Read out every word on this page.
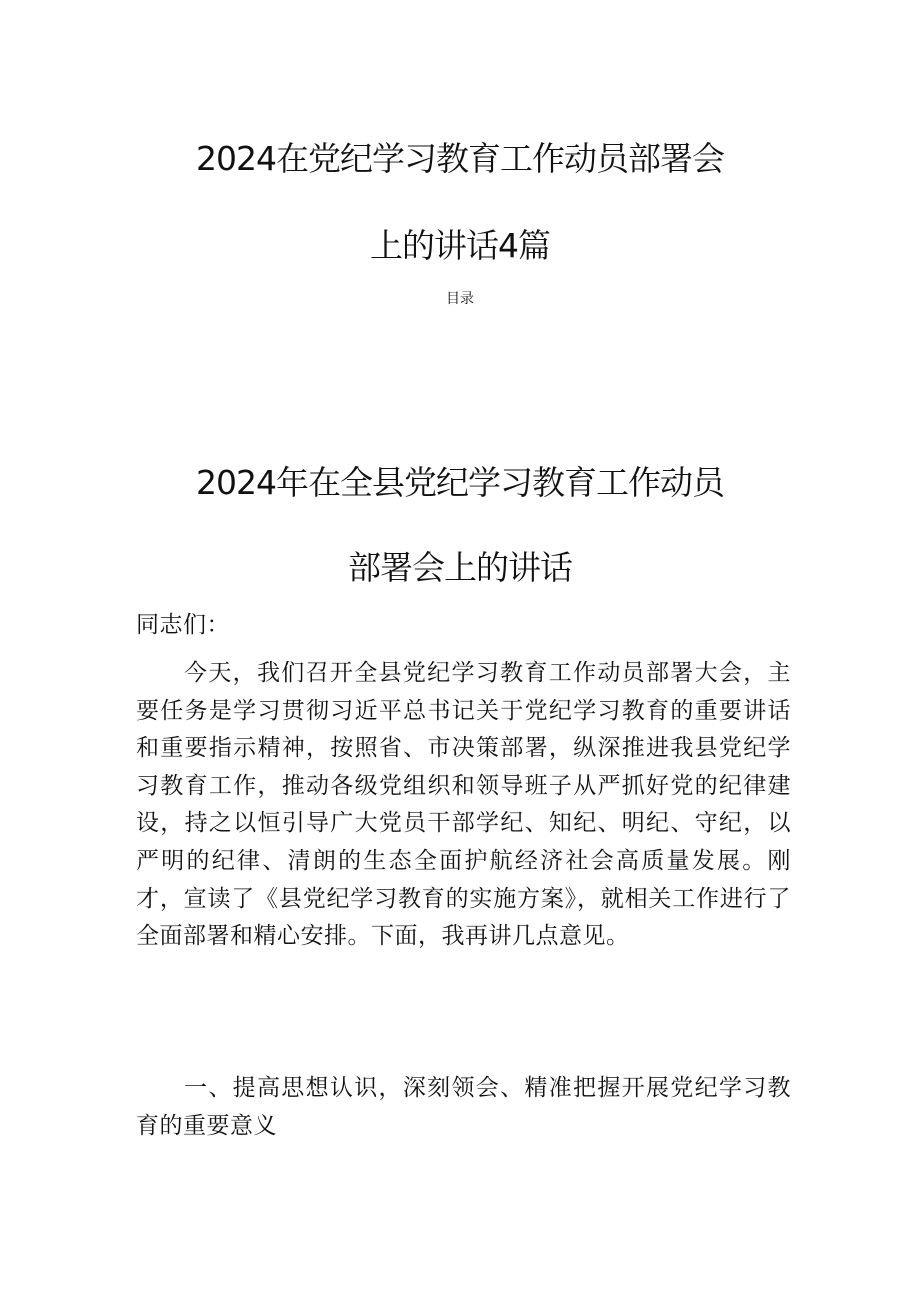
2024在党纪学习教育工作动员部署会
上的讲话4篇
目录
2024年在全县党纪学习教育工作动员
部署会上的讲话

同志们：

今天，我们召开全县党纪学习教育工作动员部署大会，主要任务是学习贯彻习近平总书记关于党纪学习教育的重要讲话和重要指示精神，按照省、市决策部署，纵深推进我县党纪学习教育工作，推动各级党组织和领导班子从严抓好党的纪律建设，持之以恒引导广大党员干部学纪、知纪、明纪、守纪，以严明的纪律、清朗的生态全面护航经济社会高质量发展。刚才，宣读了《县党纪学习教育的实施方案》，就相关工作进行了全面部署和精心安排。下面，我再讲几点意见。

一、提高思想认识，深刻领会、精准把握开展党纪学习教育的重要意义
